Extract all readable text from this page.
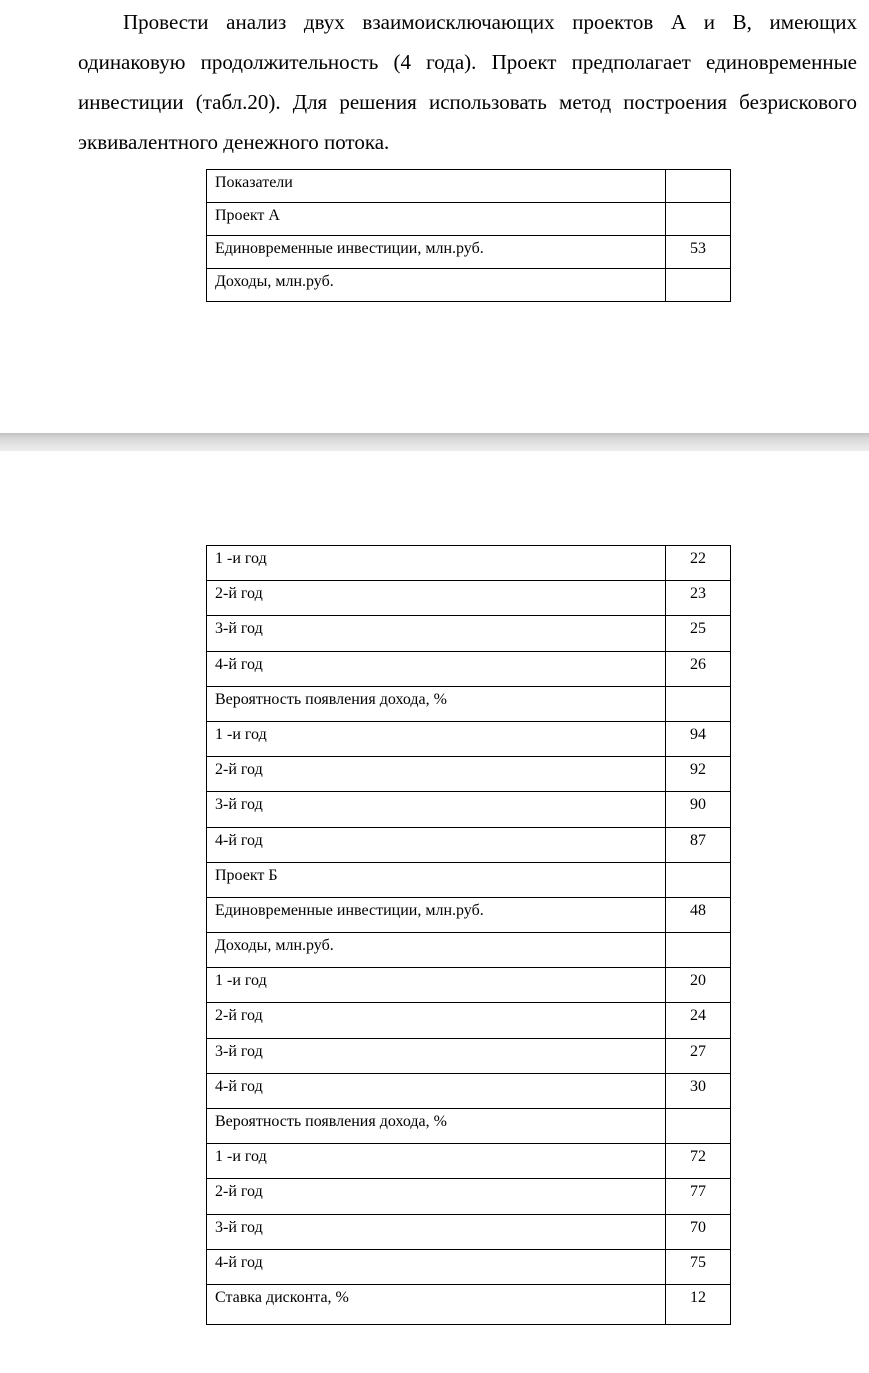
Провести анализ двух взаимоисключающих проектов А и В, имеющих одинаковую продолжительность (4 года). Проект предполагает единовременные инвестиции (табл.20). Для решения использовать метод построения безрискового эквивалентного денежного потока.

Показатели	
Проект А	
Единовременные инвестиции, млн.руб.	53
Доходы, млн.руб.	
1 -и год	22
2-й год	23
3-й год	25
4-й год	26
Вероятность появления дохода, %	
1 -и год	94
2-й год	92
3-й год	90
4-й год	87
Проект Б	
Единовременные инвестиции, млн.руб.	48
Доходы, млн.руб.	
1 -и год	20
2-й год	24
3-й год	27
4-й год	30
Вероятность появления дохода, %	
1 -и год	72
2-й год	77
3-й год	70
4-й год	75
Ставка дисконта, %	12
